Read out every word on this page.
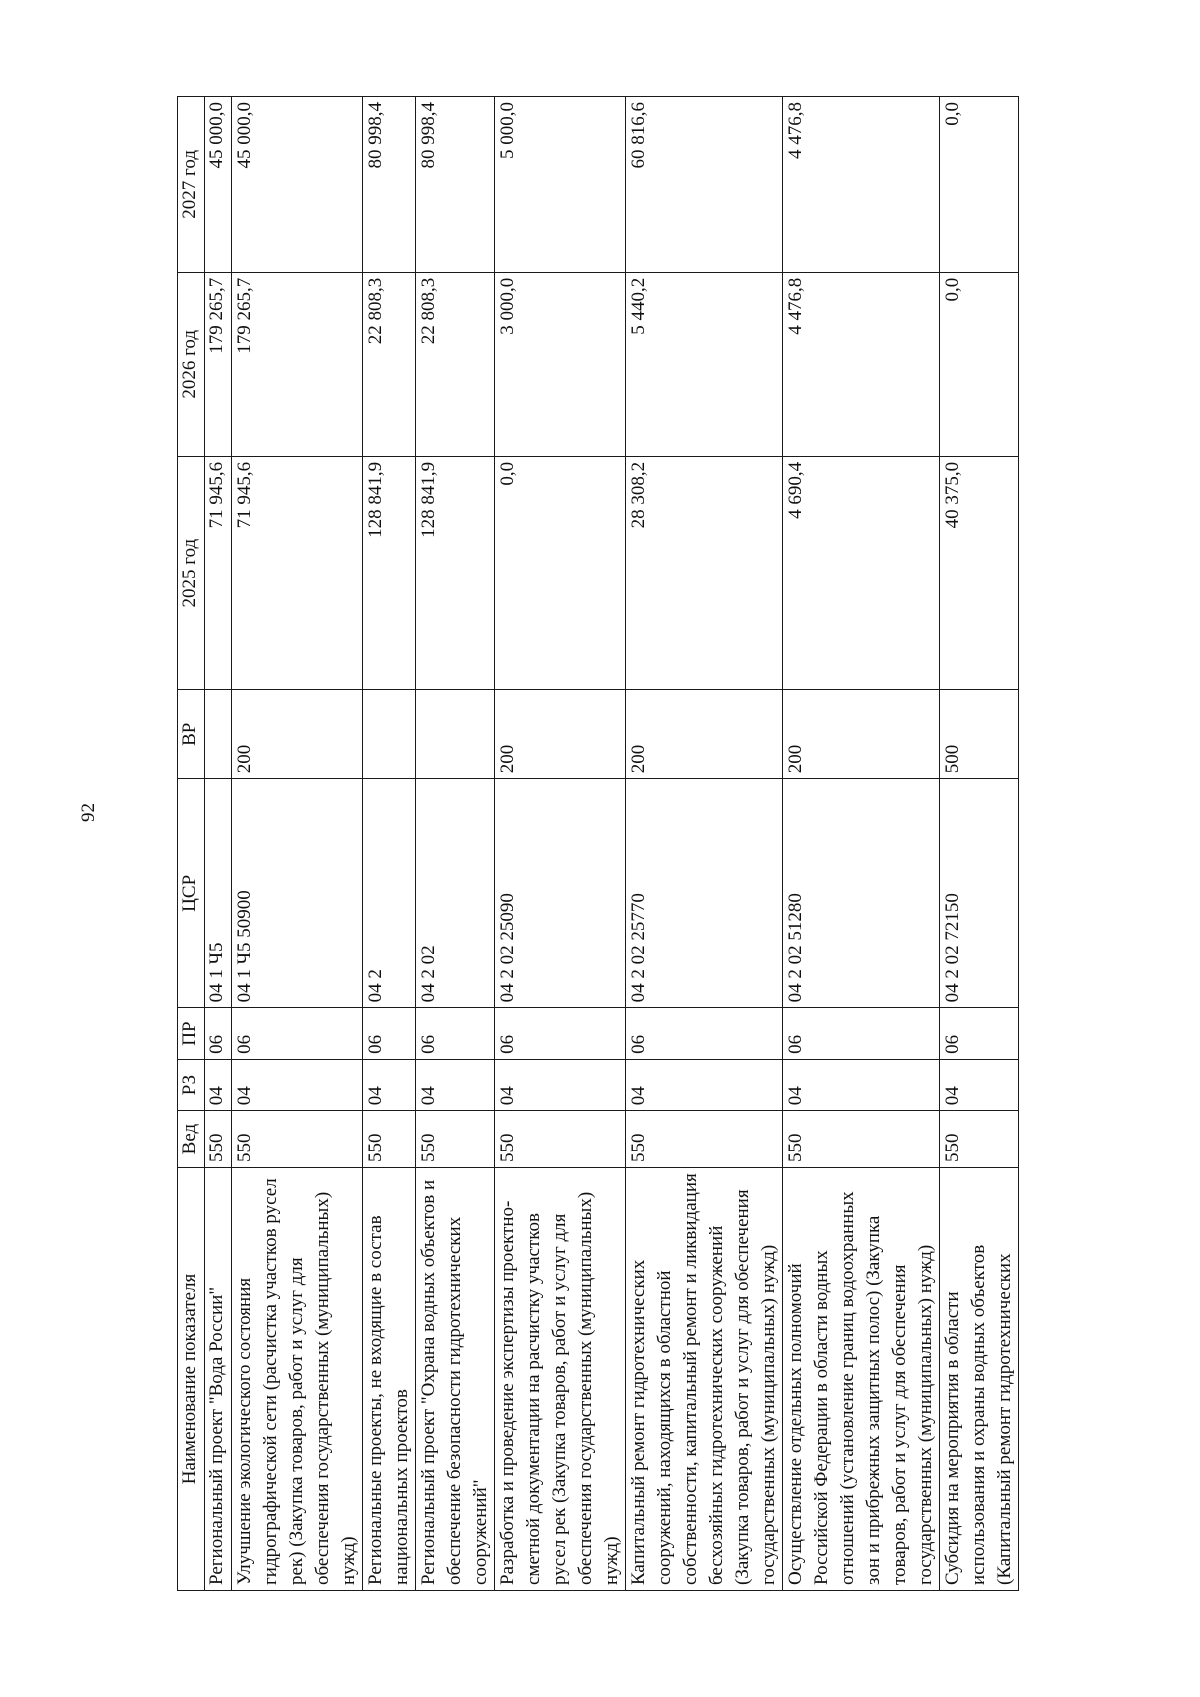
92
Наименование показателя	Вед	РЗ	ПР	ЦСР	ВР	2025 год	2026 год	2027 год
Региональный проект "Вода России"	550	04	06	04 1 Ч5		71 945,6	179 265,7	45 000,0
Улучшение экологического состояния гидрографической сети (расчистка участков русел рек) (Закупка товаров, работ и услуг для обеспечения государственных (муниципальных) нужд)	550	04	06	04 1 Ч5 50900	200	71 945,6	179 265,7	45 000,0
Региональные проекты, не входящие в состав национальных проектов	550	04	06	04 2		128 841,9	22 808,3	80 998,4
Региональный проект "Охрана водных объектов и обеспечение безопасности гидротехнических сооружений"	550	04	06	04 2 02		128 841,9	22 808,3	80 998,4
Разработка и проведение экспертизы проектно-сметной документации на расчистку участков русел рек (Закупка товаров, работ и услуг для обеспечения государственных (муниципальных) нужд)	550	04	06	04 2 02 25090	200	0,0	3 000,0	5 000,0
Капитальный ремонт гидротехнических сооружений, находящихся в областной собственности, капитальный ремонт и ликвидация бесхозяйных гидротехнических сооружений (Закупка товаров, работ и услуг для обеспечения государственных (муниципальных) нужд)	550	04	06	04 2 02 25770	200	28 308,2	5 440,2	60 816,6
Осуществление отдельных полномочий Российской Федерации в области водных отношений (установление границ водоохранных зон и прибрежных защитных полос) (Закупка товаров, работ и услуг для обеспечения государственных (муниципальных) нужд)	550	04	06	04 2 02 51280	200	4 690,4	4 476,8	4 476,8
Субсидия на мероприятия в области использования и охраны водных объектов (Капитальный ремонт гидротехнических	550	04	06	04 2 02 72150	500	40 375,0	0,0	0,0
